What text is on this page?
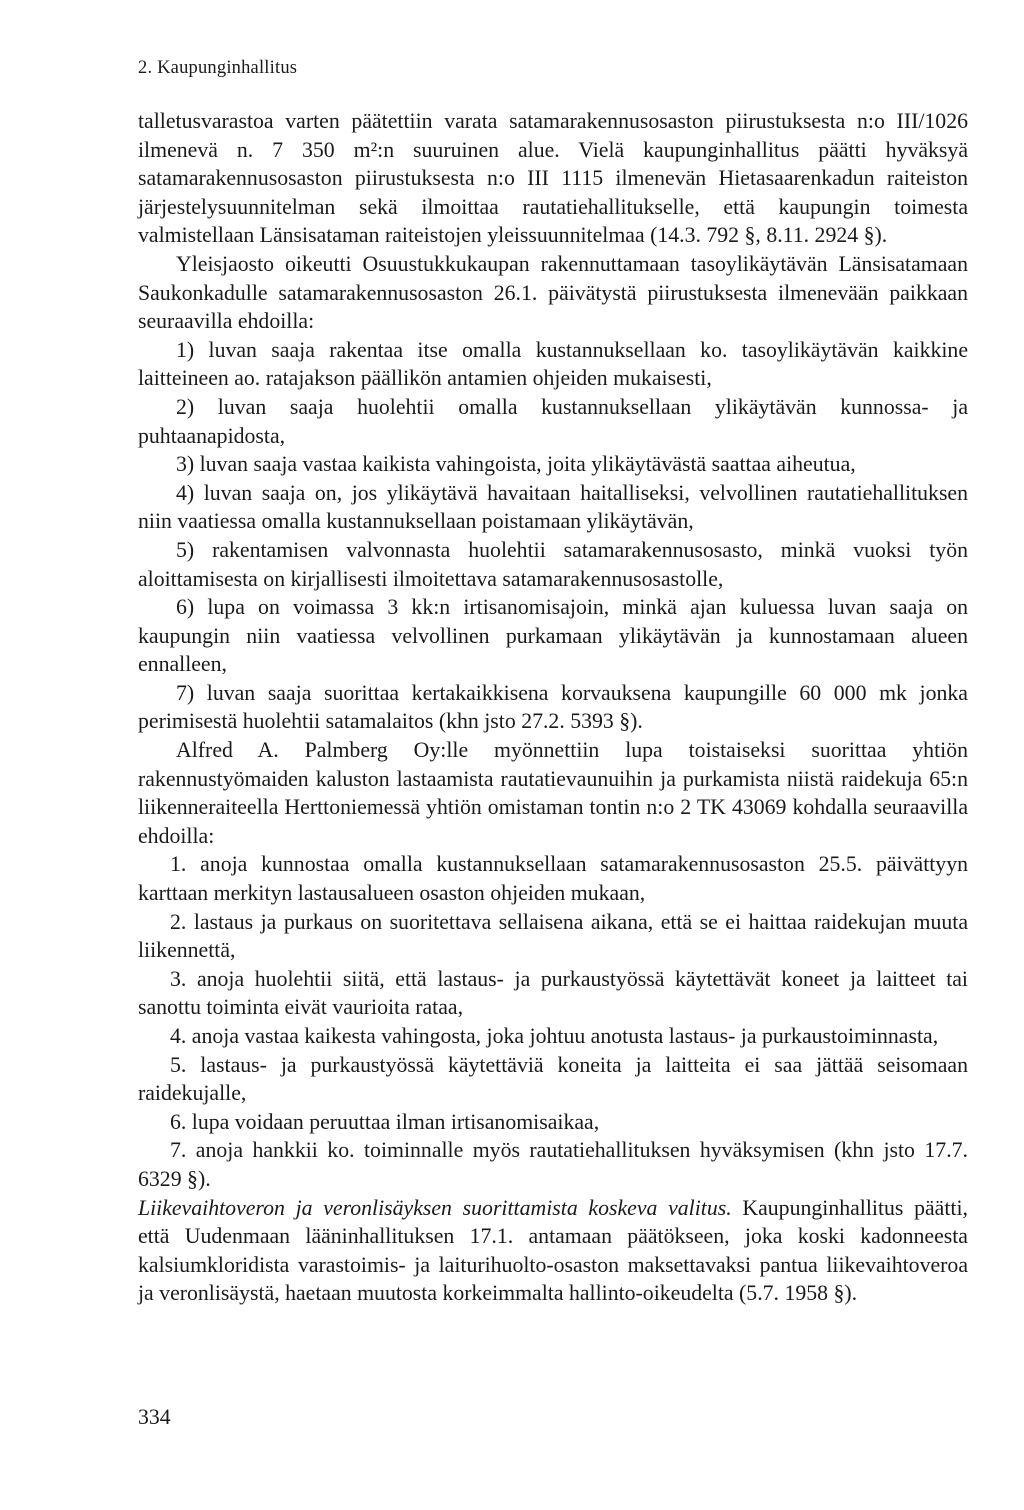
2. Kaupunginhallitus

talletusvarastoa varten päätettiin varata satamarakennusosaston piirustuksesta n:o III/1026 ilmenevä n. 7 350 m²:n suuruinen alue. Vielä kaupunginhallitus päätti hyväksyä satamarakennusosaston piirustuksesta n:o III 1115 ilmenevän Hietasaarenkadun raiteiston järjestelysuunnitelman sekä ilmoittaa rautatiehallitukselle, että kaupungin toimesta valmistellaan Länsisataman raiteistojen yleissuunnitelmaa (14.3. 792 §, 8.11. 2924 §).

Yleisjaosto oikeutti Osuustukkukaupan rakennuttamaan tasoylikäytävän Länsisatamaan Saukonkadulle satamarakennusosaston 26.1. päivätystä piirustuksesta ilmenevään paikkaan seuraavilla ehdoilla:

1) luvan saaja rakentaa itse omalla kustannuksellaan ko. tasoylikäytävän kaikkine laitteineen ao. ratajakson päällikön antamien ohjeiden mukaisesti,

2) luvan saaja huolehtii omalla kustannuksellaan ylikäytävän kunnossa- ja puhtaanapidosta,

3) luvan saaja vastaa kaikista vahingoista, joita ylikäytävästä saattaa aiheutua,

4) luvan saaja on, jos ylikäytävä havaitaan haitalliseksi, velvollinen rautatiehallituksen niin vaatiessa omalla kustannuksellaan poistamaan ylikäytävän,

5) rakentamisen valvonnasta huolehtii satamarakennusosasto, minkä vuoksi työn aloittamisesta on kirjallisesti ilmoitettava satamarakennusosastolle,

6) lupa on voimassa 3 kk:n irtisanomisajoin, minkä ajan kuluessa luvan saaja on kaupungin niin vaatiessa velvollinen purkamaan ylikäytävän ja kunnostamaan alueen ennalleen,

7) luvan saaja suorittaa kertakaikkisena korvauksena kaupungille 60 000 mk jonka perimisestä huolehtii satamalaitos (khn jsto 27.2. 5393 §).

Alfred A. Palmberg Oy:lle myönnettiin lupa toistaiseksi suorittaa yhtiön rakennustyömaiden kaluston lastaamista rautatievaunuihin ja purkamista niistä raidekuja 65:n liikenneraiteella Herttoniemessä yhtiön omistaman tontin n:o 2 TK 43069 kohdalla seuraavilla ehdoilla:

1. anoja kunnostaa omalla kustannuksellaan satamarakennusosaston 25.5. päivättyyn karttaan merkityn lastausalueen osaston ohjeiden mukaan,

2. lastaus ja purkaus on suoritettava sellaisena aikana, että se ei haittaa raidekujan muuta liikennettä,

3. anoja huolehtii siitä, että lastaus- ja purkaustyössä käytettävät koneet ja laitteet tai sanottu toiminta eivät vaurioita rataa,

4. anoja vastaa kaikesta vahingosta, joka johtuu anotusta lastaus- ja purkaustoiminnasta,

5. lastaus- ja purkaustyössä käytettäviä koneita ja laitteita ei saa jättää seisomaan raidekujalle,

6. lupa voidaan peruuttaa ilman irtisanomisaikaa,

7. anoja hankkii ko. toiminnalle myös rautatiehallituksen hyväksymisen (khn jsto 17.7. 6329 §).

Liikevaihtoveron ja veronlisäyksen suorittamista koskeva valitus. Kaupunginhallitus päätti, että Uudenmaan lääninhallituksen 17.1. antamaan päätökseen, joka koski kadonneesta kalsiumkloridista varastoimis- ja laiturihuolto-osaston maksettavaksi pantua liikevaihtoveroa ja veronlisäystä, haetaan muutosta korkeimmalta hallinto-oikeudelta (5.7. 1958 §).

334
